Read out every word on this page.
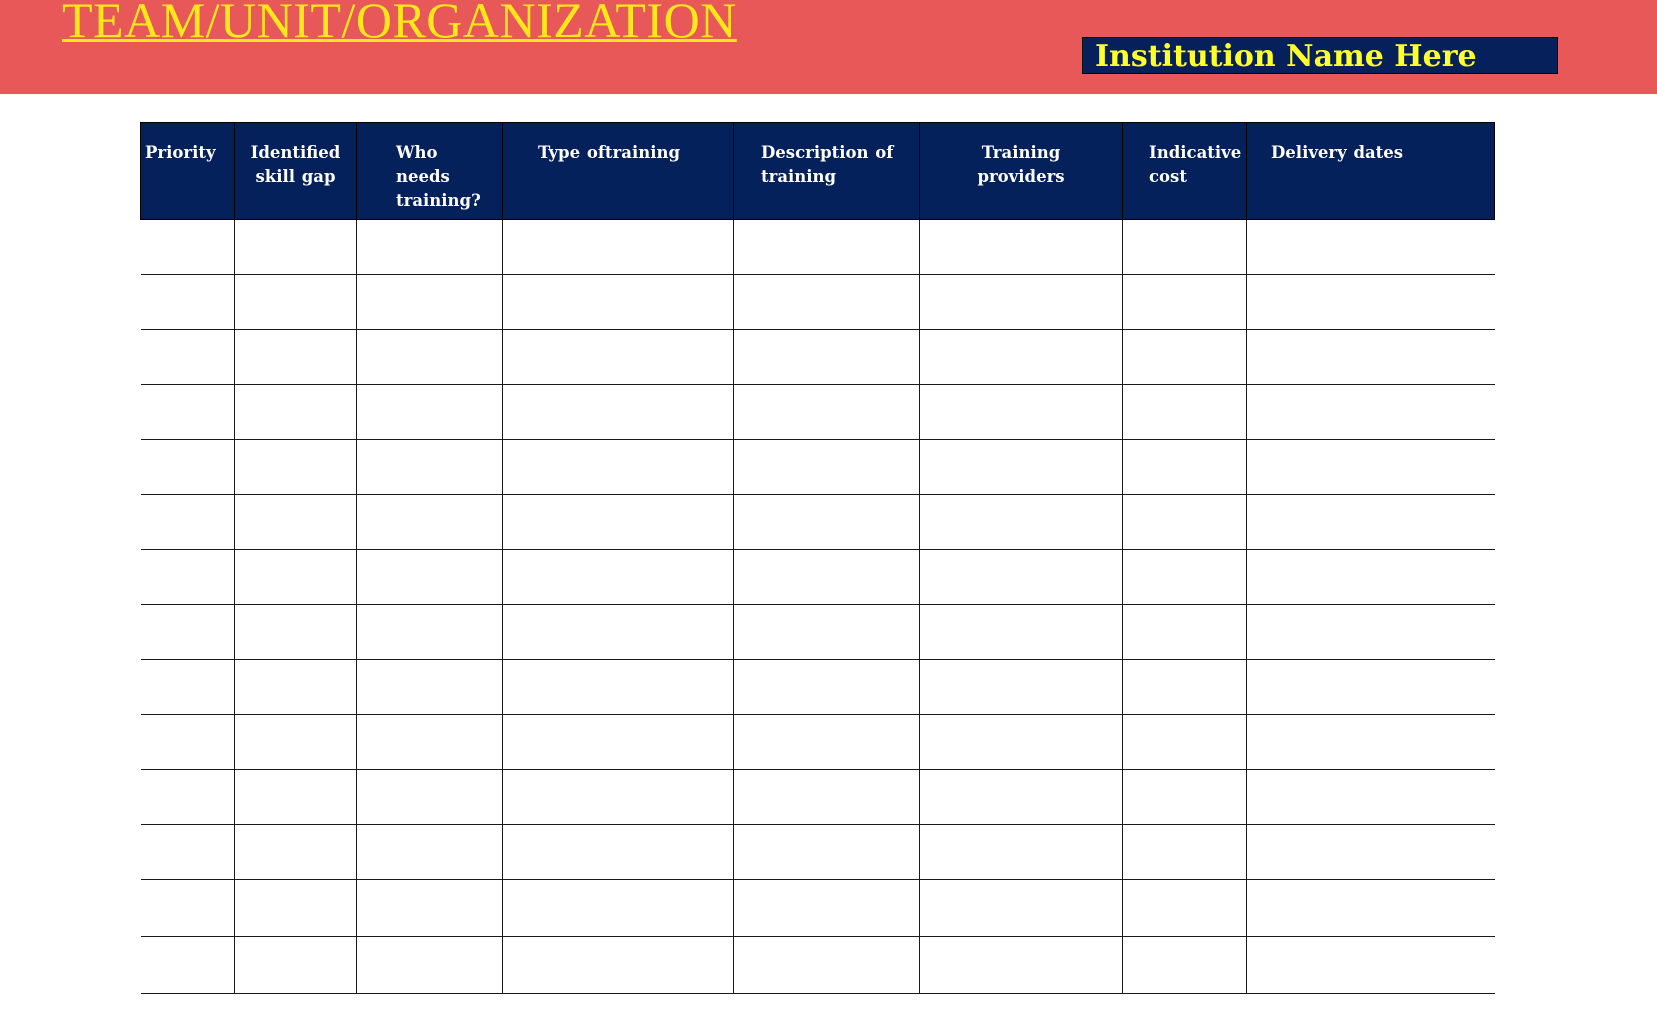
TEAM/UNIT/ORGANIZATION
Institution Name Here
Priority	Identified skill gap	Who needs training?	Type oftraining	Description of training	Training providers	Indicative cost	Delivery dates
